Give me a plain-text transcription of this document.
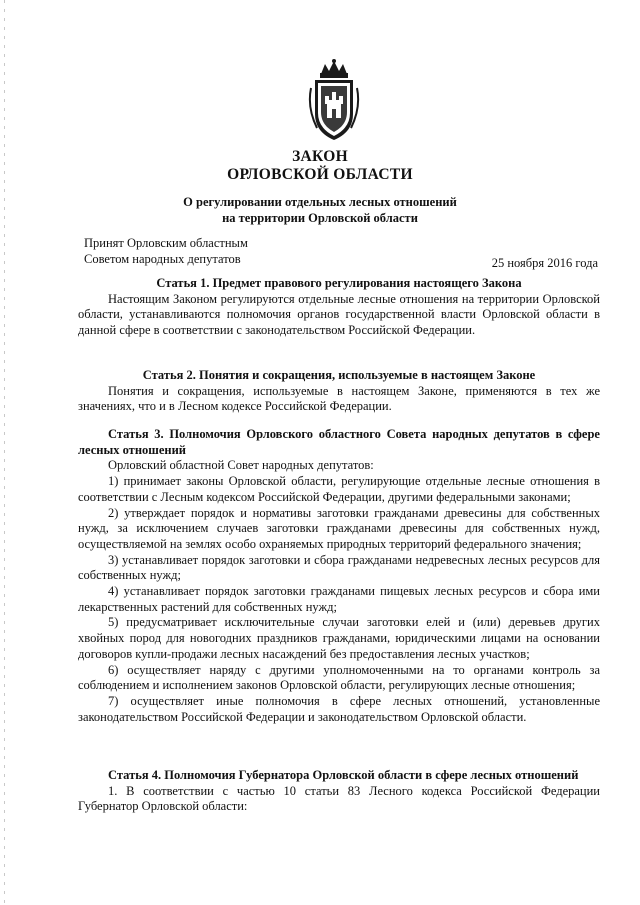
ЗАКОН
ОРЛОВСКОЙ ОБЛАСТИ
О регулировании отдельных лесных отношений
на территории Орловской области
Принят Орловским областным
Советом народных депутатов	25 ноября 2016 года

Статья 1. Предмет правового регулирования настоящего Закона

Настоящим Законом регулируются отдельные лесные отношения на территории Орловской области, устанавливаются полномочия органов государственной власти Орловской области в данной сфере в соответствии с законодательством Российской Федерации.

Статья 2. Понятия и сокращения, используемые в настоящем Законе

Понятия и сокращения, используемые в настоящем Законе, применяются в тех же значениях, что и в Лесном кодексе Российской Федерации.

Статья 3. Полномочия Орловского областного Совета народных депутатов в сфере лесных отношений

Орловский областной Совет народных депутатов:

1) принимает законы Орловской области, регулирующие отдельные лесные отношения в соответствии с Лесным кодексом Российской Федерации, другими федеральными законами;

2) утверждает порядок и нормативы заготовки гражданами древесины для собственных нужд, за исключением случаев заготовки гражданами древесины для собственных нужд, осуществляемой на землях особо охраняемых природных территорий федерального значения;

3) устанавливает порядок заготовки и сбора гражданами недревесных лесных ресурсов для собственных нужд;

4) устанавливает порядок заготовки гражданами пищевых лесных ресурсов и сбора ими лекарственных растений для собственных нужд;

5) предусматривает исключительные случаи заготовки елей и (или) деревьев других хвойных пород для новогодних праздников гражданами, юридическими лицами на основании договоров купли-продажи лесных насаждений без предоставления лесных участков;

6) осуществляет наряду с другими уполномоченными на то органами контроль за соблюдением и исполнением законов Орловской области, регулирующих лесные отношения;

7) осуществляет иные полномочия в сфере лесных отношений, установленные законодательством Российской Федерации и законодательством Орловской области.

Статья 4. Полномочия Губернатора Орловской области в сфере лесных отношений

1. В соответствии с частью 10 статьи 83 Лесного кодекса Российской Федерации Губернатор Орловской области:
